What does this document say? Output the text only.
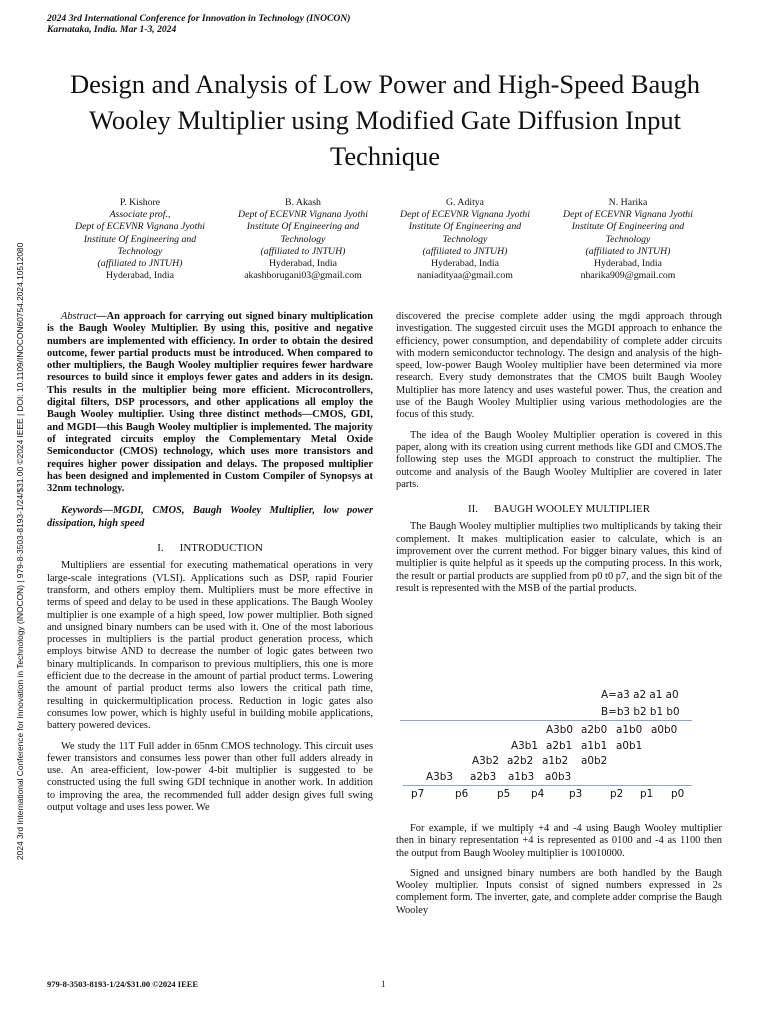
2024 3rd International Conference for Innovation in Technology (INOCON)
Karnataka, India. Mar 1-3, 2024
2024 3rd International Conference for Innovation in Technology (INOCON) | 979-8-3503-8193-1/24/$31.00 ©2024 IEEE | DOI: 10.1109/INOCON60754.2024.10512080
Design and Analysis of Low Power and High-Speed Baugh Wooley Multiplier using Modified Gate Diffusion Input Technique
P. Kishore
Associate prof.,
Dept of ECEVNR Vignana Jyothi Institute Of Engineering and Technology
(affiliated to JNTUH)
Hyderabad, India
B. Akash
Dept of ECEVNR Vignana Jyothi Institute Of Engineering and Technology
(affiliated to JNTUH)
Hyderabad, India
akashborugani03@gmail.com
G. Aditya
Dept of ECEVNR Vignana Jyothi Institute Of Engineering and Technology
(affiliated to JNTUH)
Hyderabad, India
naniadityaa@gmail.com
N. Harika
Dept of ECEVNR Vignana Jyothi Institute Of Engineering and Technology
(affiliated to JNTUH)
Hyderabad, India
nharika909@gmail.com

Abstract—An approach for carrying out signed binary multiplication is the Baugh Wooley Multiplier. By using this, positive and negative numbers are implemented with efficiency. In order to obtain the desired outcome, fewer partial products must be introduced. When compared to other multipliers, the Baugh Wooley multiplier requires fewer hardware resources to build since it employs fewer gates and adders in its design. This results in the multiplier being more efficient. Microcontrollers, digital filters, DSP processors, and other applications all employ the Baugh Wooley multiplier. Using three distinct methods—CMOS, GDI, and MGDI—this Baugh Wooley multiplier is implemented. The majority of integrated circuits employ the Complementary Metal Oxide Semiconductor (CMOS) technology, which uses more transistors and requires higher power dissipation and delays. The proposed multiplier has been designed and implemented in Custom Compiler of Synopsys at 32nm technology.

Keywords—MGDI, CMOS, Baugh Wooley Multiplier, low power dissipation, high speed

I. INTRODUCTION

Multipliers are essential for executing mathematical operations in very large-scale integrations (VLSI). Applications such as DSP, rapid Fourier transform, and others employ them. Multipliers must be more effective in terms of speed and delay to be used in these applications. The Baugh Wooley multiplier is one example of a high speed, low power multiplier. Both signed and unsigned binary numbers can be used with it. One of the most laborious processes in multipliers is the partial product generation process, which employs bitwise AND to decrease the number of logic gates between two binary multiplicands. In comparison to previous multipliers, this one is more efficient due to the decrease in the amount of partial product terms. Lowering the amount of partial product terms also lowers the critical path time, resulting in quickermultiplication process. Reduction in logic gates also consumes low power, which is highly useful in building mobile applications, battery powered devices.

We study the 11T Full adder in 65nm CMOS technology. This circuit uses fewer transistors and consumes less power than other full adders already in use. An area-efficient, low-power 4-bit multiplier is suggested to be constructed using the full swing GDI technique in another work. In addition to improving the area, the recommended full adder design gives full swing output voltage and uses less power. We

discovered the precise complete adder using the mgdi approach through investigation. The suggested circuit uses the MGDI approach to enhance the efficiency, power consumption, and dependability of complete adder circuits with modern semiconductor technology. The design and analysis of the high-speed, low-power Baugh Wooley multiplier have been determined via more research. Every study demonstrates that the CMOS built Baugh Wooley Multiplier has more latency and uses wasteful power. Thus, the creation and use of the Baugh Wooley Multiplier using various methodologies are the focus of this study.

The idea of the Baugh Wooley Multiplier operation is covered in this paper, along with its creation using current methods like GDI and CMOS.The following step uses the MGDI approach to construct the multiplier. The outcome and analysis of the Baugh Wooley Multiplier are covered in later parts.

II. BAUGH WOOLEY MULTIPLIER

The Baugh Wooley multiplier multiplies two multiplicands by taking their complement. It makes multiplication easier to calculate, which is an improvement over the current method. For bigger binary values, this kind of multiplier is quite helpful as it speeds up the computing process. In this work, the result or partial products are supplied from p0 t0 p7, and the sign bit of the result is represented with the MSB of the partial products.

A=a3 a2 a1 a0
B=b3 b2 b1 b0
A3b0 a2b0 a1b0 a0b0
A3b1 a2b1 a1b1 a0b1
A3b2 a2b2 a1b2 a0b2
A3b3 a2b3 a1b3 a0b3
p7	p6	p5 p4 p3	p2 p1 p0

For example, if we multiply +4 and -4 using Baugh Wooley multiplier then in binary representation +4 is represented as 0100 and -4 as 1100 then the output from Baugh Wooley multiplier is 10010000.

Signed and unsigned binary numbers are both handled by the Baugh Wooley multiplier. Inputs consist of signed numbers expressed in 2s complement form. The inverter, gate, and complete adder comprise the Baugh Wooley

979-8-3503-8193-1/24/$31.00 ©2024 IEEE	1
